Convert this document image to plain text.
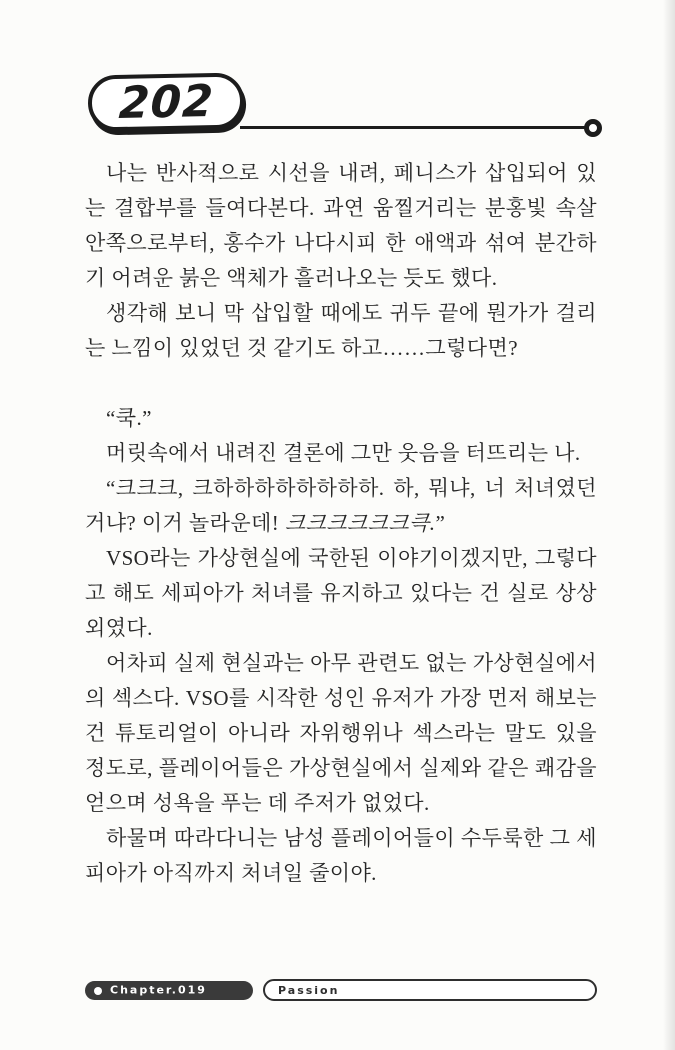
202

나는 반사적으로 시선을 내려, 페니스가 삽입되어 있는 결합부를 들여다본다. 과연 움찔거리는 분홍빛 속살 안쪽으로부터, 홍수가 나다시피 한 애액과 섞여 분간하기 어려운 붉은 액체가 흘러나오는 듯도 했다.

생각해 보니 막 삽입할 때에도 귀두 끝에 뭔가가 걸리는 느낌이 있었던 것 같기도 하고……그렇다면?

“쿡.”

머릿속에서 내려진 결론에 그만 웃음을 터뜨리는 나.

“크크크, 크하하하하하하하하. 하, 뭐냐, 너 처녀였던 거냐? 이거 놀라운데! 크크크크크크큭.”

VSO라는 가상현실에 국한된 이야기이겠지만, 그렇다고 해도 세피아가 처녀를 유지하고 있다는 건 실로 상상 외였다.

어차피 실제 현실과는 아무 관련도 없는 가상현실에서의 섹스다. VSO를 시작한 성인 유저가 가장 먼저 해보는 건 튜토리얼이 아니라 자위행위나 섹스라는 말도 있을 정도로, 플레이어들은 가상현실에서 실제와 같은 쾌감을 얻으며 성욕을 푸는 데 주저가 없었다.

하물며 따라다니는 남성 플레이어들이 수두룩한 그 세피아가 아직까지 처녀일 줄이야.

Chapter.019	Passion
